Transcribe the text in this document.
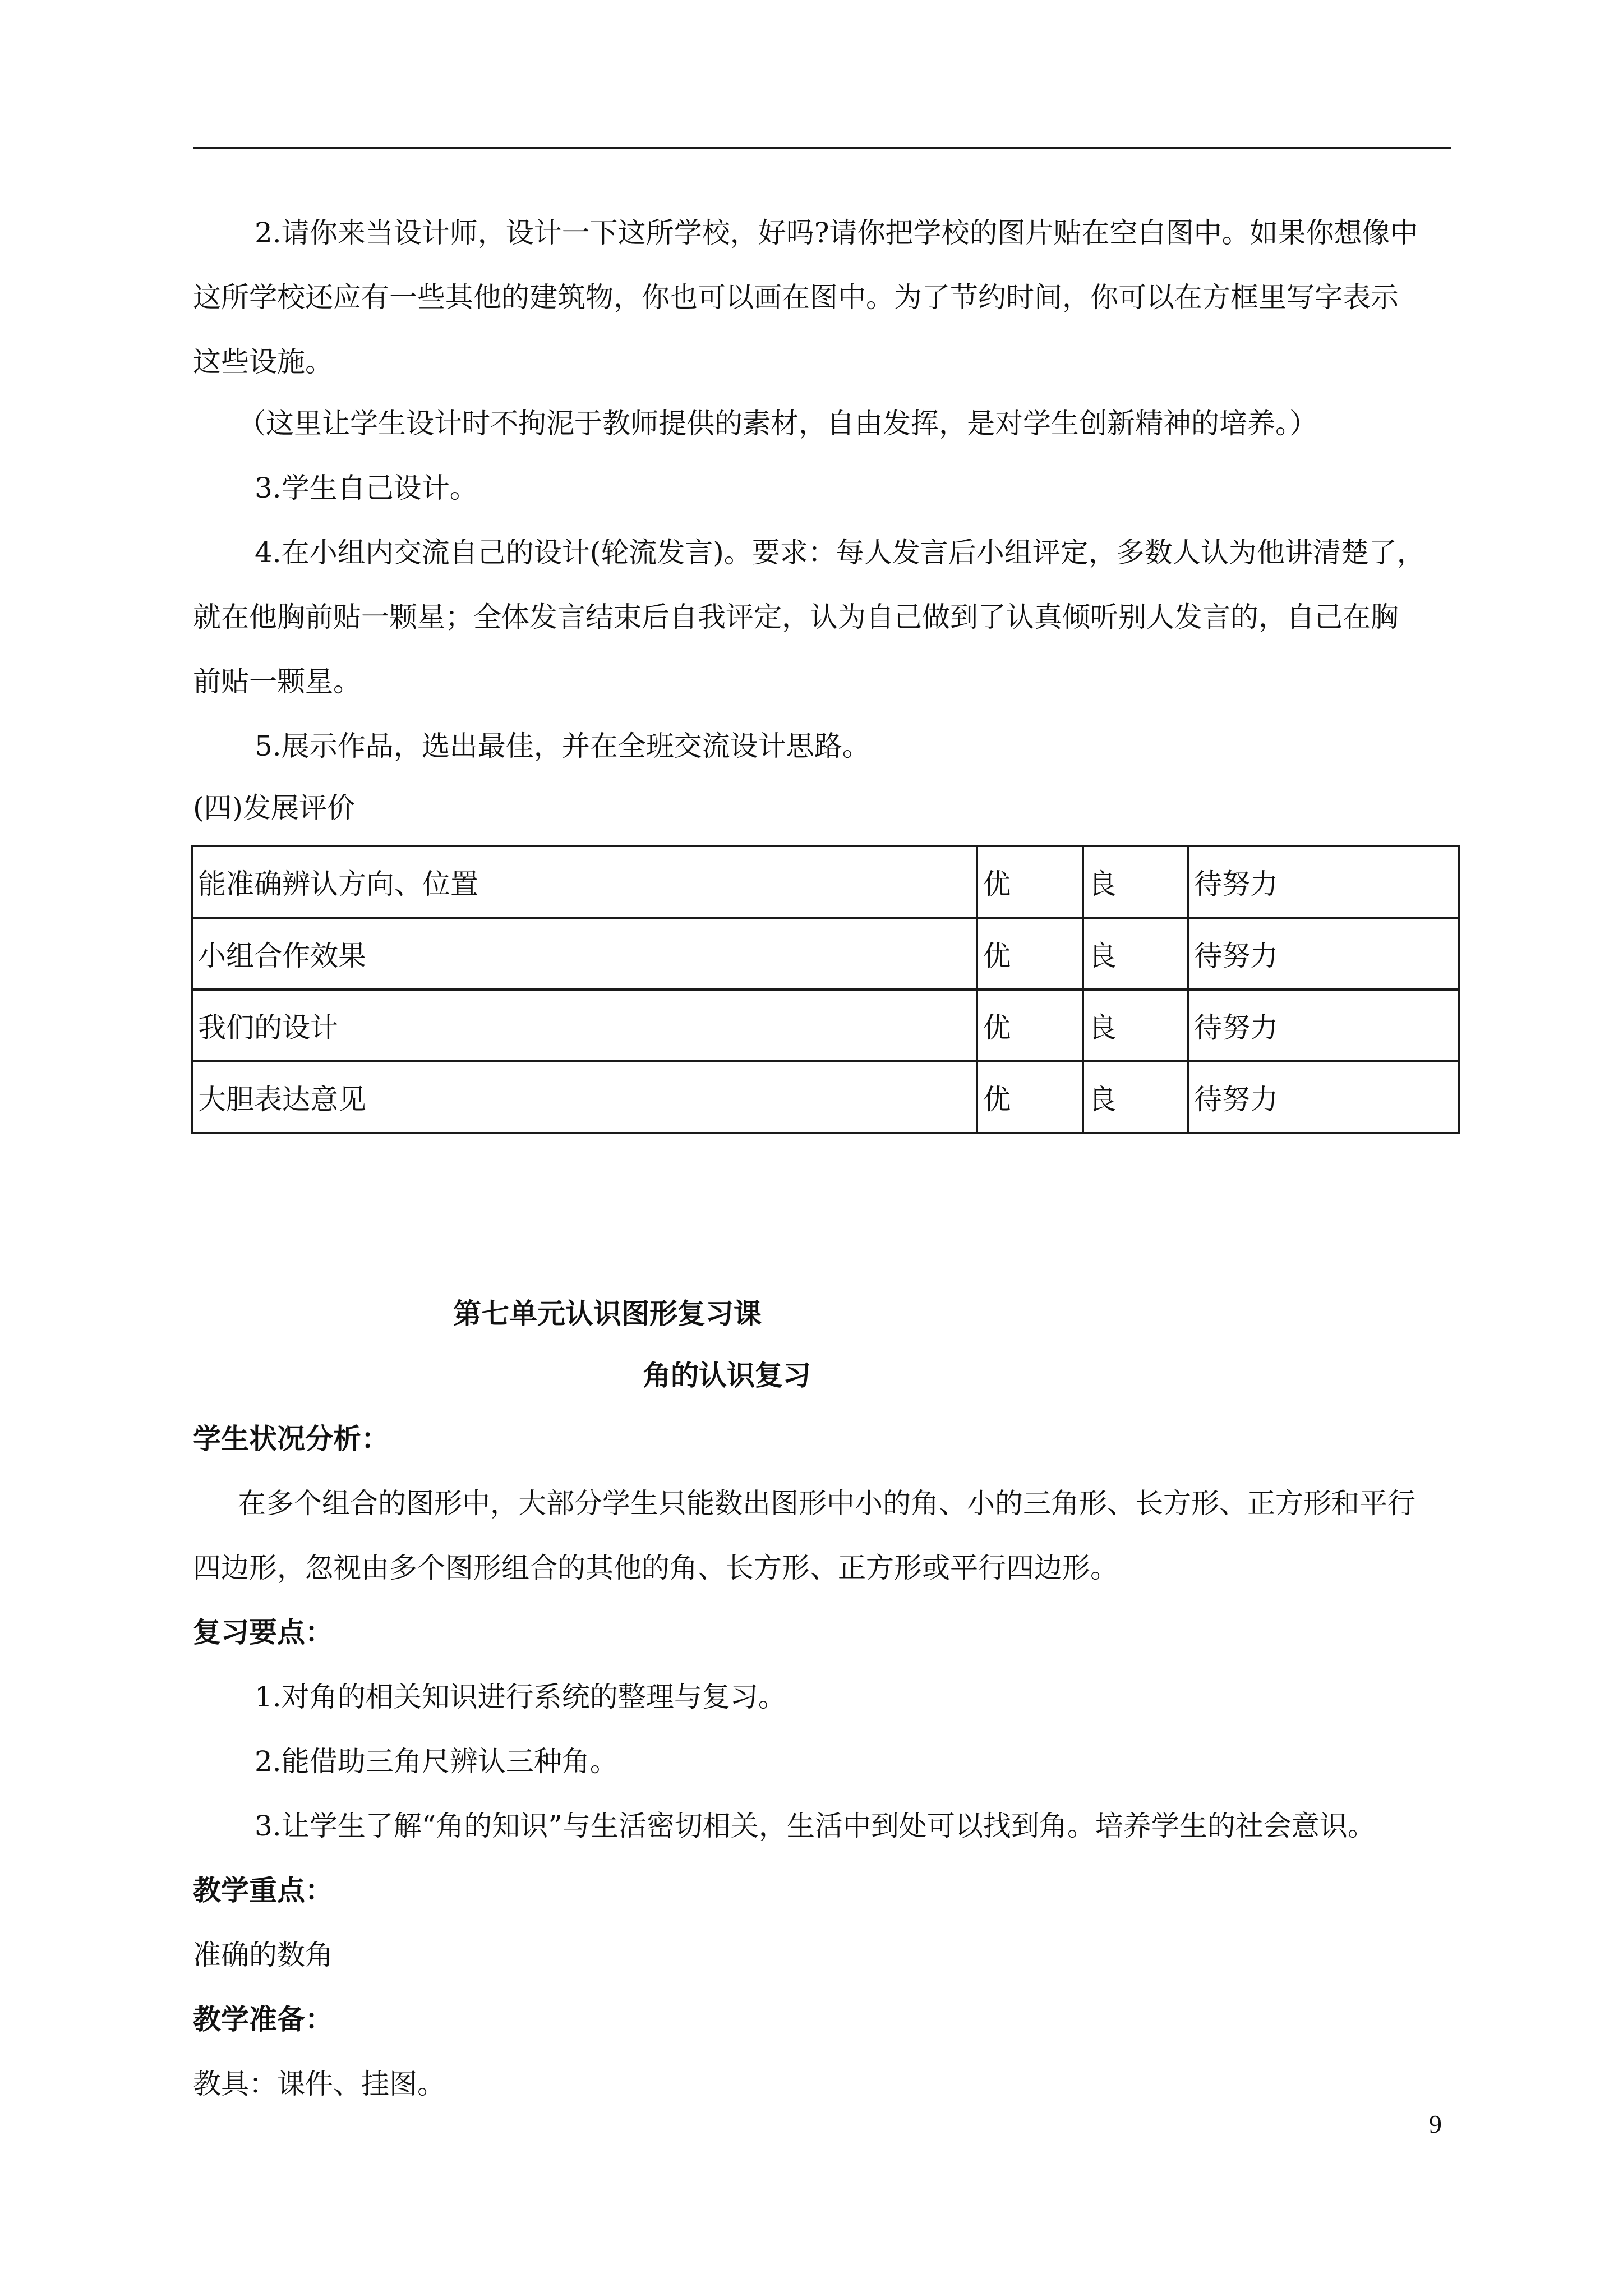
2.请你来当设计师，设计一下这所学校，好吗?请你把学校的图片贴在空白图中。如果你想像中

这所学校还应有一些其他的建筑物，你也可以画在图中。为了节约时间，你可以在方框里写字表示

这些设施。

（这里让学生设计时不拘泥于教师提供的素材，自由发挥，是对学生创新精神的培养。）

3.学生自己设计。

4.在小组内交流自己的设计(轮流发言)。要求：每人发言后小组评定，多数人认为他讲清楚了，

就在他胸前贴一颗星；全体发言结束后自我评定，认为自己做到了认真倾听别人发言的，自己在胸

前贴一颗星。

5.展示作品，选出最佳，并在全班交流设计思路。

(四)发展评价

能准确辨认方向、位置	优	良	待努力
小组合作效果	优	良	待努力
我们的设计	优	良	待努力
大胆表达意见	优	良	待努力
第七单元认识图形复习课
角的认识复习

学生状况分析：

在多个组合的图形中，大部分学生只能数出图形中小的角、小的三角形、长方形、正方形和平行

四边形，忽视由多个图形组合的其他的角、长方形、正方形或平行四边形。

复习要点：

1.对角的相关知识进行系统的整理与复习。

2.能借助三角尺辨认三种角。

3.让学生了解“角的知识”与生活密切相关，生活中到处可以找到角。培养学生的社会意识。

教学重点：

准确的数角

教学准备：

教具：课件、挂图。

9
